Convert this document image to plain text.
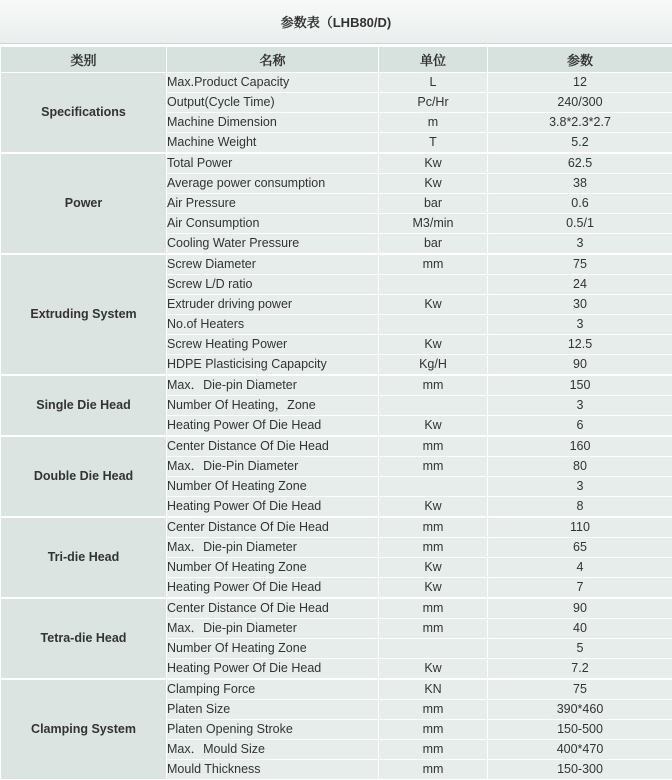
参数表（LHB80/D)
类别	名称	单位	参数
Specifications	Max.Product Capacity	L	12
	Output(Cycle Time)	Pc/Hr	240/300
	Machine Dimension	m	3.8*2.3*2.7
	Machine Weight	T	5.2
Power	Total Power	Kw	62.5
	Average power consumption	Kw	38
	Air Pressure	bar	0.6
	Air Consumption	M3/min	0.5/1
	Cooling Water Pressure	bar	3
Extruding System	Screw Diameter	mm	75
	Screw L/D ratio		24
	Extruder driving power	Kw	30
	No.of Heaters		3
	Screw Heating Power	Kw	12.5
	HDPE Plasticising Capapcity	Kg/H	90
Single Die Head	Max．Die-pin Diameter	mm	150
	Number Of Heating，Zone		3
	Heating Power Of Die Head	Kw	6
Double Die Head	Center Distance Of Die Head	mm	160
	Max．Die-Pin Diameter	mm	80
	Number Of Heating Zone		3
	Heating Power Of Die Head	Kw	8
Tri-die Head	Center Distance Of Die Head	mm	110
	Max．Die-pin Diameter	mm	65
	Number Of Heating Zone	Kw	4
	Heating Power Of Die Head	Kw	7
Tetra-die Head	Center Distance Of Die Head	mm	90
	Max．Die-pin Diameter	mm	40
	Number Of Heating Zone		5
	Heating Power Of Die Head	Kw	7.2
Clamping System	Clamping Force	KN	75
	Platen Size	mm	390*460
	Platen Opening Stroke	mm	150-500
	Max．Mould Size	mm	400*470
	Mould Thickness	mm	150-300
